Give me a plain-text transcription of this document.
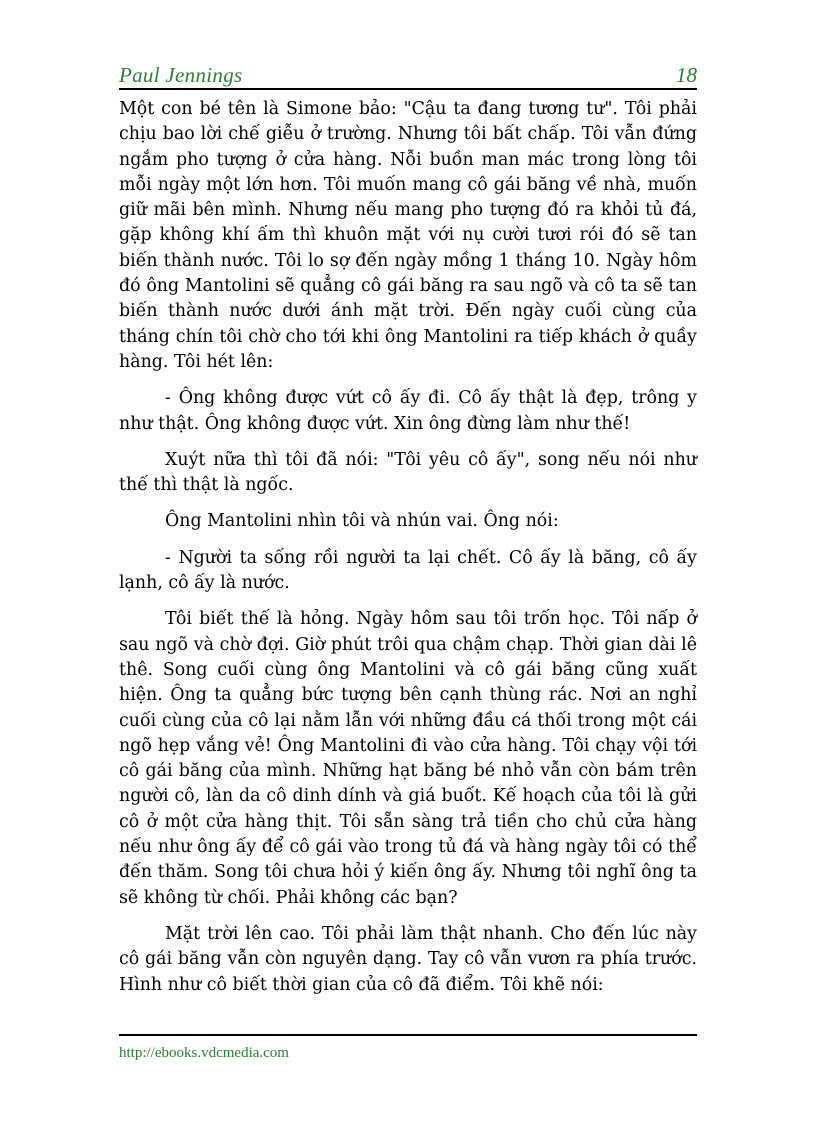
Paul Jennings	18

Một con bé tên là Simone bảo: "Cậu ta đang tương tư". Tôi phải chịu bao lời chế giễu ở trường. Nhưng tôi bất chấp. Tôi vẫn đứng ngắm pho tượng ở cửa hàng. Nỗi buồn man mác trong lòng tôi mỗi ngày một lớn hơn. Tôi muốn mang cô gái băng về nhà, muốn giữ mãi bên mình. Nhưng nếu mang pho tượng đó ra khỏi tủ đá, gặp không khí ấm thì khuôn mặt với nụ cười tươi rói đó sẽ tan biến thành nước. Tôi lo sợ đến ngày mồng 1 tháng 10. Ngày hôm đó ông Mantolini sẽ quẳng cô gái băng ra sau ngõ và cô ta sẽ tan biến thành nước dưới ánh mặt trời. Đến ngày cuối cùng của tháng chín tôi chờ cho tới khi ông Mantolini ra tiếp khách ở quầy hàng. Tôi hét lên:

- Ông không được vứt cô ấy đi. Cô ấy thật là đẹp, trông y như thật. Ông không được vứt. Xin ông đừng làm như thế!

Xuýt nữa thì tôi đã nói: "Tôi yêu cô ấy", song nếu nói như thế thì thật là ngốc.

Ông Mantolini nhìn tôi và nhún vai. Ông nói:

- Người ta sống rồi người ta lại chết. Cô ấy là băng, cô ấy lạnh, cô ấy là nước.

Tôi biết thế là hỏng. Ngày hôm sau tôi trốn học. Tôi nấp ở sau ngõ và chờ đợi. Giờ phút trôi qua chậm chạp. Thời gian dài lê thê. Song cuối cùng ông Mantolini và cô gái băng cũng xuất hiện. Ông ta quẳng bức tượng bên cạnh thùng rác. Nơi an nghỉ cuối cùng của cô lại nằm lẫn với những đầu cá thối trong một cái ngõ hẹp vắng vẻ! Ông Mantolini đi vào cửa hàng. Tôi chạy vội tới cô gái băng của mình. Những hạt băng bé nhỏ vẫn còn bám trên người cô, làn da cô dinh dính và giá buốt. Kế hoạch của tôi là gửi cô ở một cửa hàng thịt. Tôi sẵn sàng trả tiền cho chủ cửa hàng nếu như ông ấy để cô gái vào trong tủ đá và hàng ngày tôi có thể đến thăm. Song tôi chưa hỏi ý kiến ông ấy. Nhưng tôi nghĩ ông ta sẽ không từ chối. Phải không các bạn?

Mặt trời lên cao. Tôi phải làm thật nhanh. Cho đến lúc này cô gái băng vẫn còn nguyên dạng. Tay cô vẫn vươn ra phía trước. Hình như cô biết thời gian của cô đã điểm. Tôi khẽ nói:

http://ebooks.vdcmedia.com
